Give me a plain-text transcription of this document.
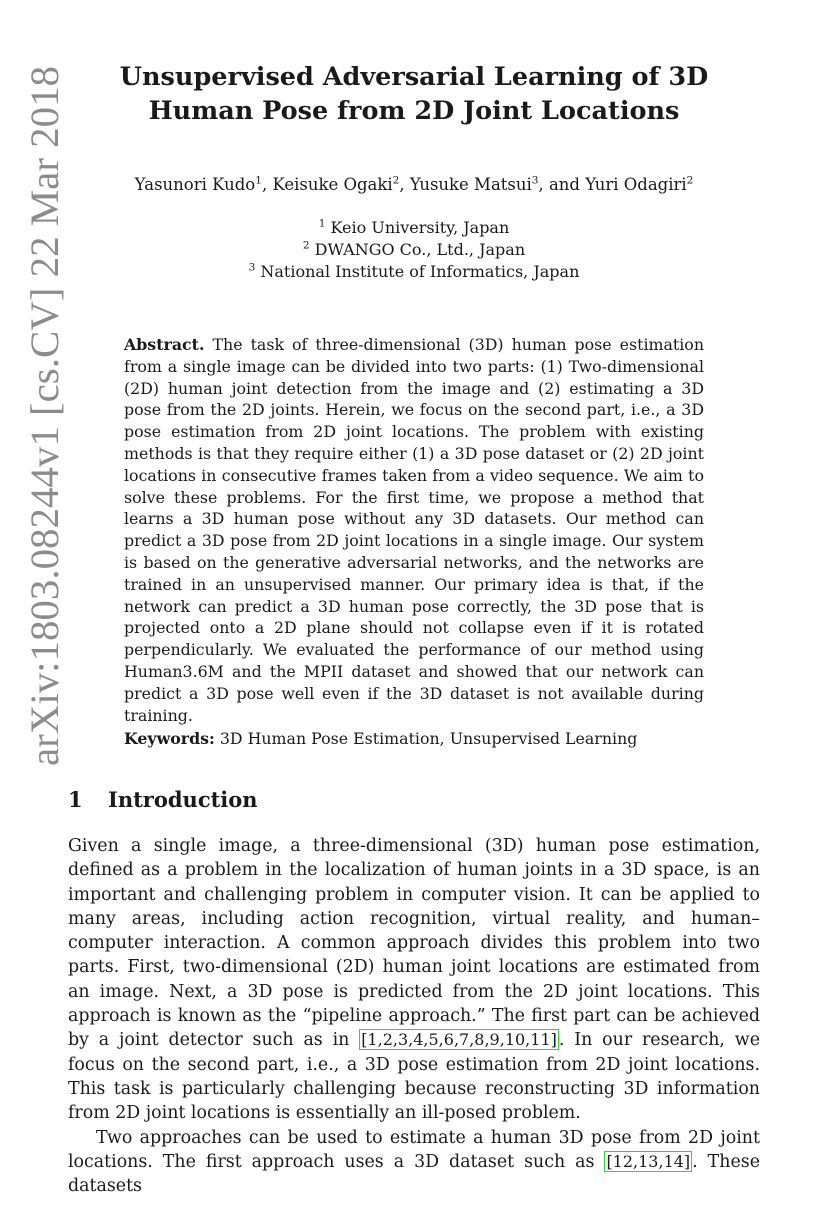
arXiv:1803.08244v1 [cs.CV] 22 Mar 2018
Unsupervised Adversarial Learning of 3D
Human Pose from 2D Joint Locations
Yasunori Kudo$^1$, Keisuke Ogaki$^2$, Yusuke Matsui$^3$, and Yuri Odagiri$^2$
$^1$ Keio University, Japan
$^2$ DWANGO Co., Ltd., Japan
$^3$ National Institute of Informatics, Japan

Abstract. The task of three-dimensional (3D) human pose estimation from a single image can be divided into two parts: (1) Two-dimensional (2D) human joint detection from the image and (2) estimating a 3D pose from the 2D joints. Herein, we focus on the second part, i.e., a 3D pose estimation from 2D joint locations. The problem with existing methods is that they require either (1) a 3D pose dataset or (2) 2D joint locations in consecutive frames taken from a video sequence. We aim to solve these problems. For the first time, we propose a method that learns a 3D human pose without any 3D datasets. Our method can predict a 3D pose from 2D joint locations in a single image. Our system is based on the generative adversarial networks, and the networks are trained in an unsupervised manner. Our primary idea is that, if the network can predict a 3D human pose correctly, the 3D pose that is projected onto a 2D plane should not collapse even if it is rotated perpendicularly. We evaluated the performance of our method using Human3.6M and the MPII dataset and showed that our network can predict a 3D pose well even if the 3D dataset is not available during training.

Keywords: 3D Human Pose Estimation, Unsupervised Learning

1 Introduction

Given a single image, a three-dimensional (3D) human pose estimation, defined as a problem in the localization of human joints in a 3D space, is an important and challenging problem in computer vision. It can be applied to many areas, including action recognition, virtual reality, and human–computer interaction. A common approach divides this problem into two parts. First, two-dimensional (2D) human joint locations are estimated from an image. Next, a 3D pose is predicted from the 2D joint locations. This approach is known as the “pipeline approach.” The first part can be achieved by a joint detector such as in [1,2,3,4,5,6,7,8,9,10,11] . In our research, we focus on the second part, i.e., a 3D pose estimation from 2D joint locations. This task is particularly challenging because reconstructing 3D information from 2D joint locations is essentially an ill-posed problem.

Two approaches can be used to estimate a human 3D pose from 2D joint locations. The first approach uses a 3D dataset such as [12,13,14] . These datasets
